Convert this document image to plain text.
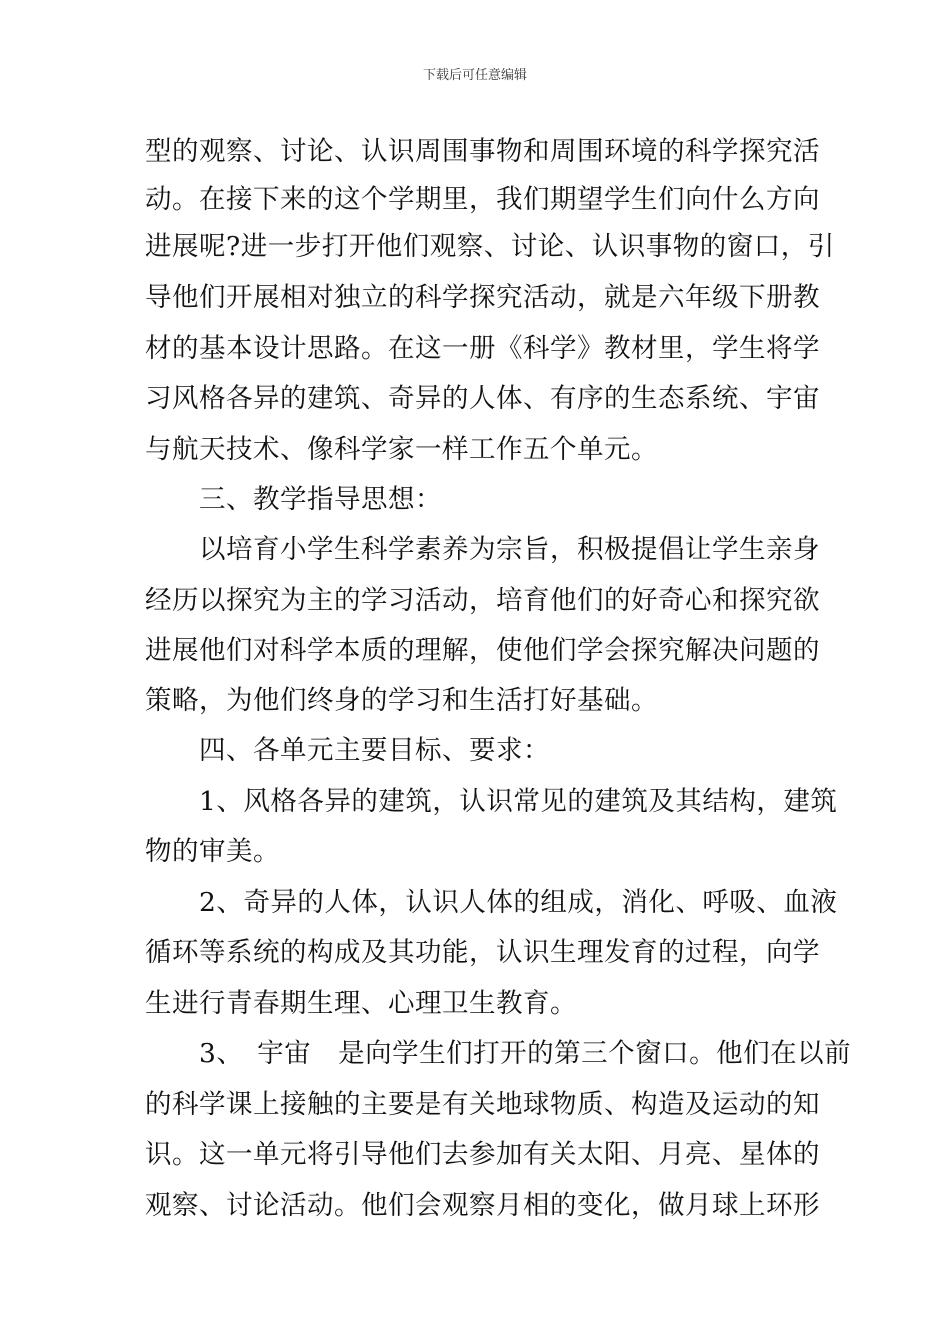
下载后可任意编辑
型的观察、讨论、认识周围事物和周围环境的科学探究活
动。在接下来的这个学期里，我们期望学生们向什么方向
进展呢?进一步打开他们观察、讨论、认识事物的窗口，引
导他们开展相对独立的科学探究活动，就是六年级下册教
材的基本设计思路。在这一册《科学》教材里，学生将学
习风格各异的建筑、奇异的人体、有序的生态系统、宇宙
与航天技术、像科学家一样工作五个单元。
三、教学指导思想：
以培育小学生科学素养为宗旨，积极提倡让学生亲身
经历以探究为主的学习活动，培育他们的好奇心和探究欲
进展他们对科学本质的理解，使他们学会探究解决问题的
策略，为他们终身的学习和生活打好基础。
四、各单元主要目标、要求：
1、风格各异的建筑，认识常见的建筑及其结构，建筑
物的审美。
2、奇异的人体，认识人体的组成，消化、呼吸、血液
循环等系统的构成及其功能，认识生理发育的过程，向学
生进行青春期生理、心理卫生教育。
3、　宇宙　是向学生们打开的第三个窗口。他们在以前
的科学课上接触的主要是有关地球物质、构造及运动的知
识。这一单元将引导他们去参加有关太阳、月亮、星体的
观察、讨论活动。他们会观察月相的变化，做月球上环形
